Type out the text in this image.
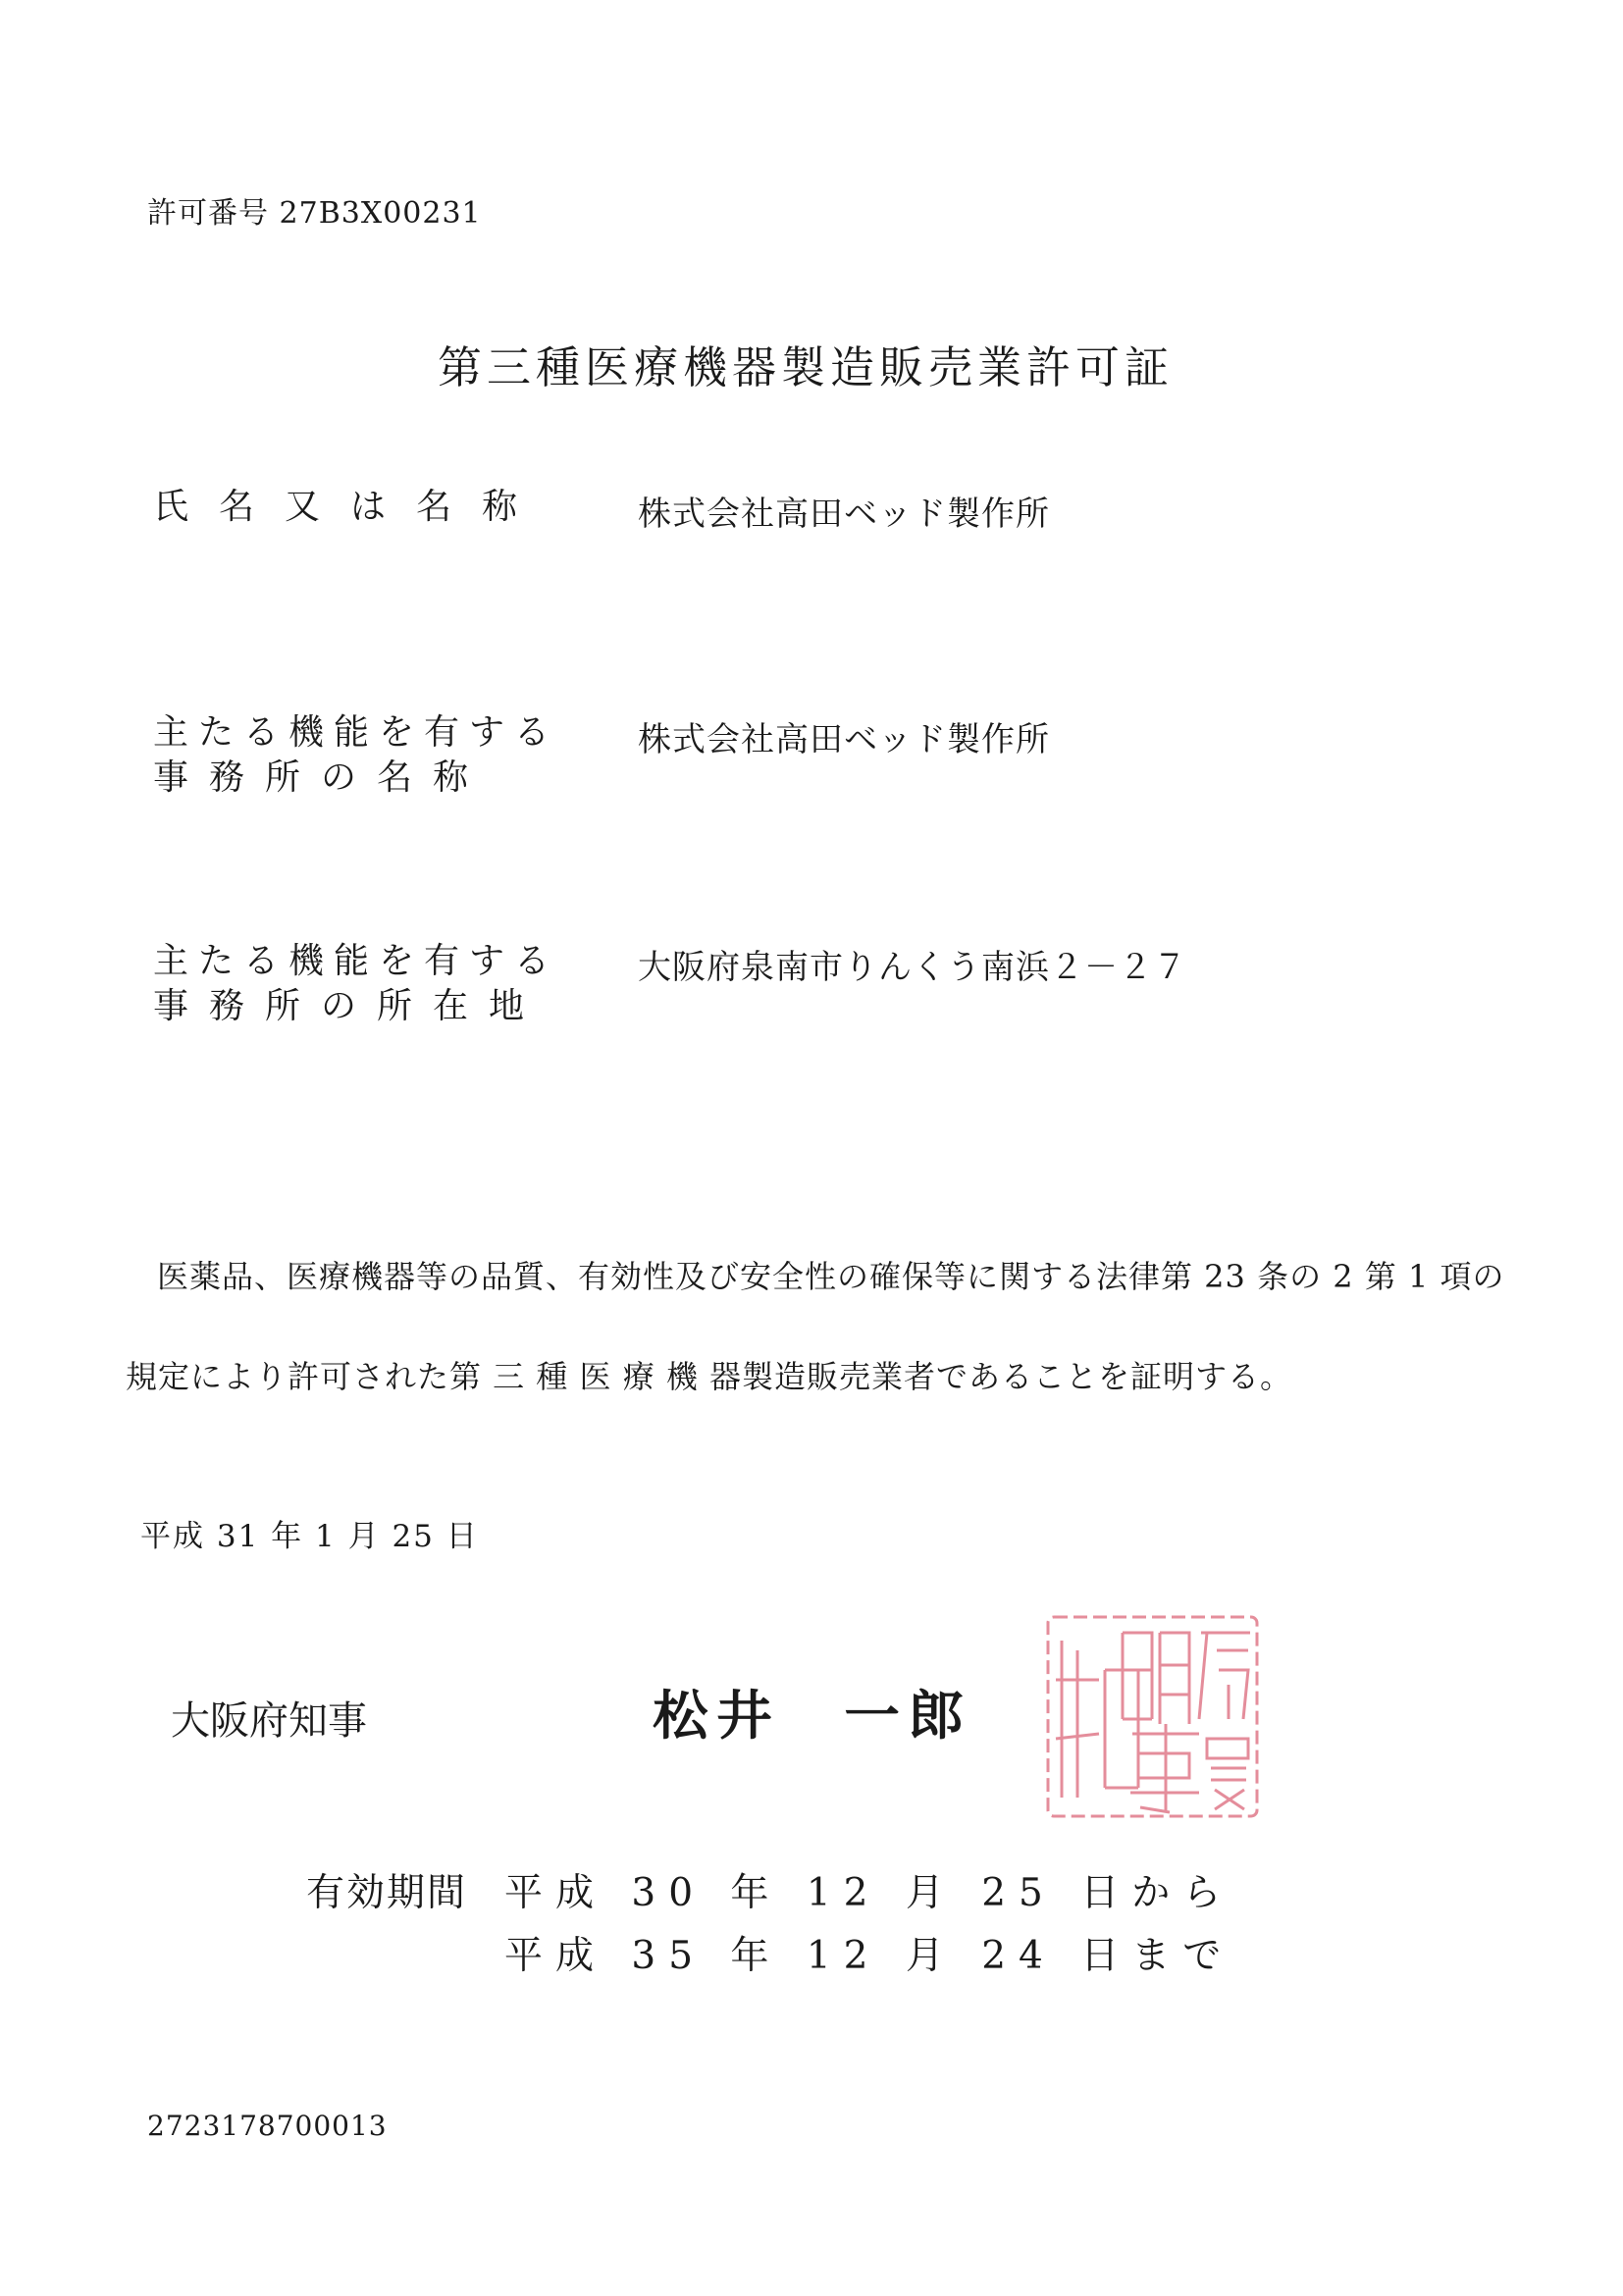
許可番号 27B3X00231
第三種医療機器製造販売業許可証
氏名又は名称	株式会社高田ベッド製作所
主たる機能を有する
事務所の名称
株式会社高田ベッド製作所
主たる機能を有する
事務所の所在地
大阪府泉南市りんくう南浜２－２７
医薬品、医療機器等の品質、有効性及び安全性の確保等に関する法律第 23 条の 2 第 1 項の
規定により許可された第 三 種 医 療 機 器製造販売業者であることを証明する。
平成 31 年 1 月 25 日
大阪府知事	松井　一郎
有効期間 平成 30 年 12 月 25 日から
平成 35 年 12 月 24 日まで
2723178700013
